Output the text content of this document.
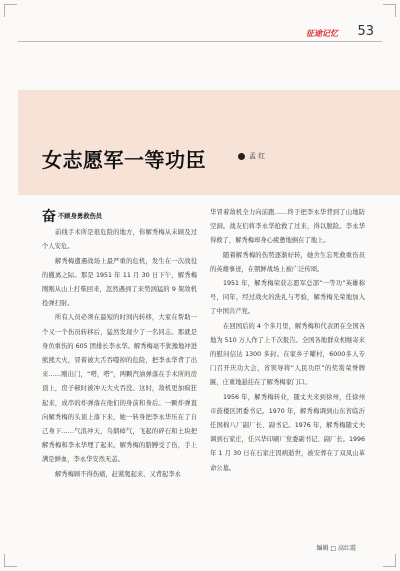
征途记忆 53
女志愿军一等功臣	孟 红
奋 不顾身勇救伤员

前线手术所是很危险的地方，你解秀梅从未顾及过个人安危。

解秀梅遭遇战场上最严重的危机，发生在一次战役的撤离之际。那是 1951 年 11 月 30 日下午，解秀梅刚刚从山上打柴回来，忽然遇到了来势汹猛的 9 架敌机投弹扫射。

所有人员必须在最短的时间内转移，大家在帮助一个又一个伤员转移后，猛然发现少了一名同志。那就是身负重伤的 605 团排长李永华。解秀梅毫不犹豫地冲进熊熊大火，冒着被大舌吞噬掉的危险，把李永华背了出来……刚出门，“嗒，嗒”，两颗汽油弹落在手术所的房顶上，房子顿时被冲天大火吞没。这时，敌机更加疯狂起来，成串的炸弹落在他们的身前和身后。一颗炸弹直向解秀梅的头顶上落下来，她一转身把李永华压在了自己身下……气浪冲天，乌烟瘴气，飞起的碎石和土块把解秀梅和李永华埋了起来。解秀梅的胳膊受了伤，手上满是鲜血，李永华安然无恙。

解秀梅顾不得伤痛，赶紧爬起来，又背起李永

华冒着敌机全力向前跑……终于把李永华背到了山地防空洞。战友们将李永华抢救了过来，得以脱险。李永华得救了，解秀梅却身心疲惫地倒在了地上。

随着解秀梅的伤势逐渐好转，她舍生忘死救重伤员的英雄事迹，在朝鲜战场上被广泛传颂。

1951 年，解秀梅荣获志愿军总部“一等功”英雄称号，同年，经过战火的洗礼与考验，解秀梅光荣地加入了中国共产党。

在回国后的 4 个多月里，解秀梅和代表团在全国各地为 510 万人作了上千次报告。全国各地群众相继寄来的慰问信达 1300 多封。在家乡子曜村，6000多人专门召开庆功大会，省领导将“人民功臣”的奖赏荣誉牌匾，庄重地悬挂在了解秀梅家门口。

1956 年，解秀梅转业，随丈夫来到徐州，任徐州市鼓楼区团委书记。1970 年，解秀梅调到山东省临沂任国棉八厂副厂长、副书记。1976 年，解秀梅随丈夫调到石家庄，任兴华印刷厂党委副书记、副厂长。1996 年 1 月 30 日在石家庄因病逝世，被安葬在了双凤山革命公墓。

编辑 □ 高红霞
